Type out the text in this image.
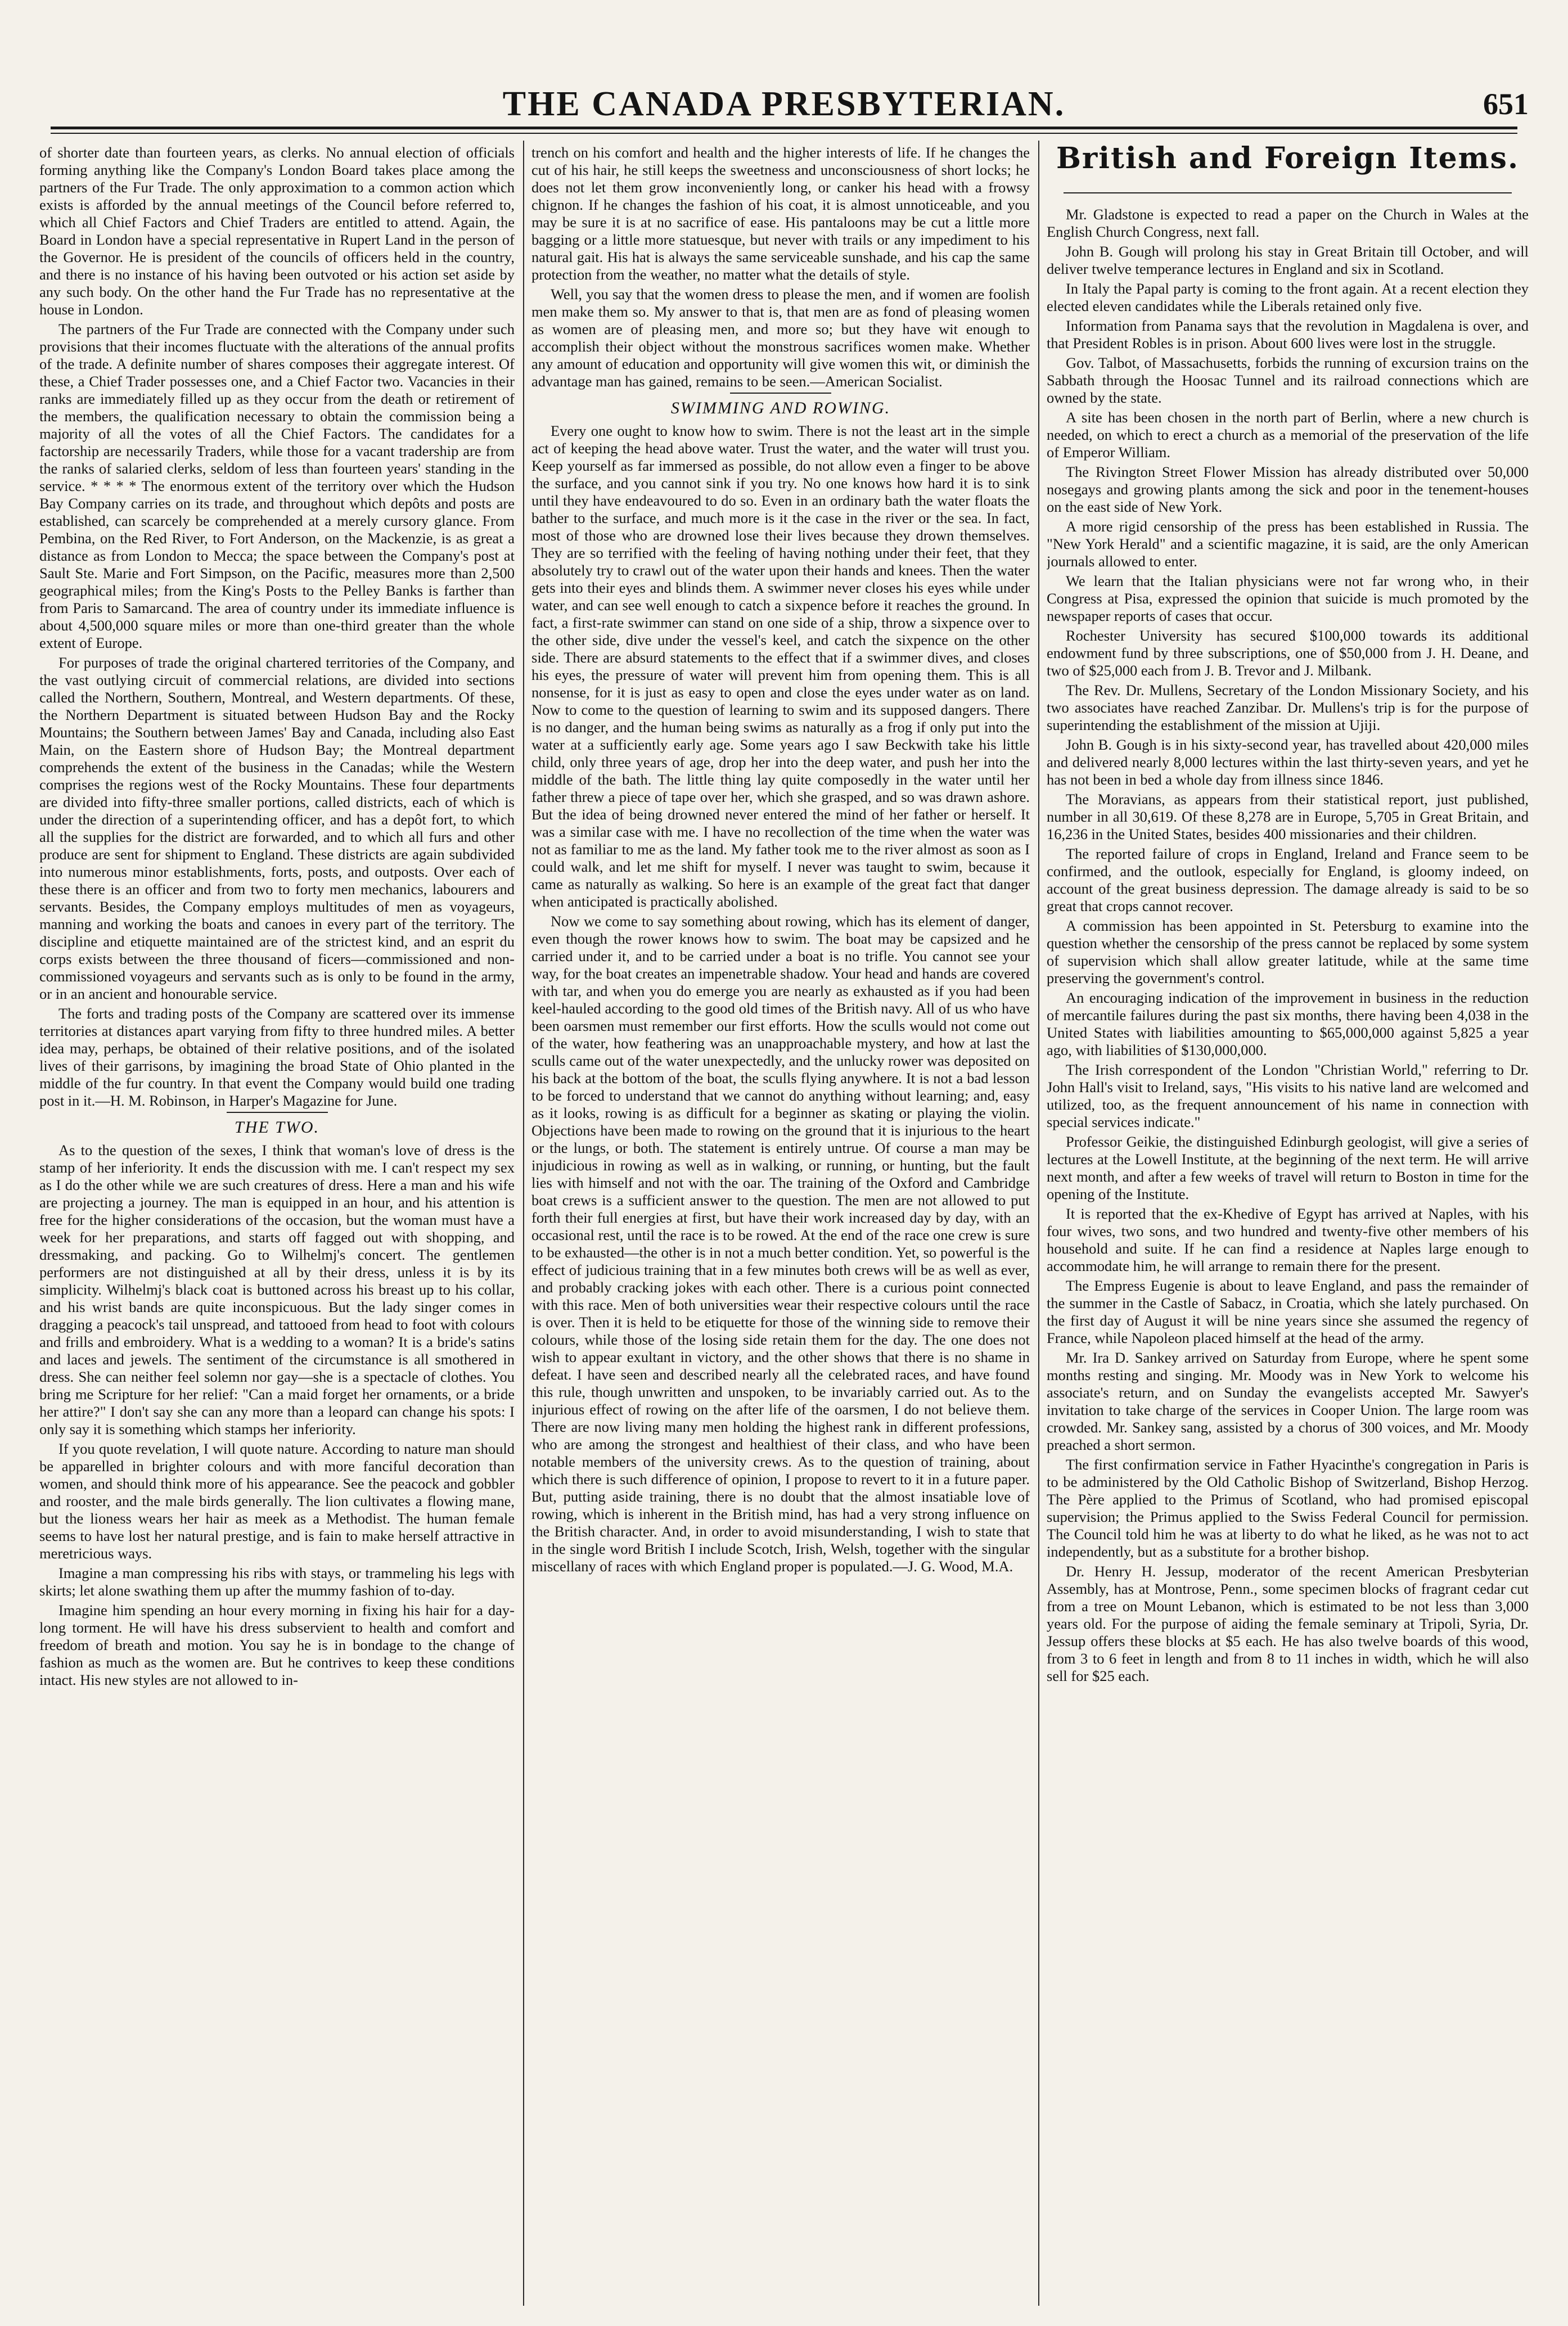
THE CANADA PRESBYTERIAN.	651

of shorter date than fourteen years, as clerks. No annual election of officials forming anything like the Company's London Board takes place among the partners of the Fur Trade. The only approximation to a common action which exists is afforded by the annual meetings of the Council before referred to, which all Chief Factors and Chief Traders are entitled to attend. Again, the Board in London have a special representative in Rupert Land in the person of the Governor. He is president of the councils of officers held in the country, and there is no instance of his having been outvoted or his action set aside by any such body. On the other hand the Fur Trade has no representative at the house in London.

The partners of the Fur Trade are connected with the Company under such provisions that their incomes fluctuate with the alterations of the annual profits of the trade. A definite number of shares composes their aggregate interest. Of these, a Chief Trader possesses one, and a Chief Factor two. Vacancies in their ranks are immediately filled up as they occur from the death or retirement of the members, the qualification necessary to obtain the commission being a majority of all the votes of all the Chief Factors. The candidates for a factorship are necessarily Traders, while those for a vacant tradership are from the ranks of salaried clerks, seldom of less than fourteen years' standing in the service. * * * * The enormous extent of the territory over which the Hudson Bay Company carries on its trade, and throughout which depôts and posts are established, can scarcely be comprehended at a merely cursory glance. From Pembina, on the Red River, to Fort Anderson, on the Mackenzie, is as great a distance as from London to Mecca; the space between the Company's post at Sault Ste. Marie and Fort Simpson, on the Pacific, measures more than 2,500 geographical miles; from the King's Posts to the Pelley Banks is farther than from Paris to Samarcand. The area of country under its immediate influence is about 4,500,000 square miles or more than one-third greater than the whole extent of Europe.

For purposes of trade the original chartered territories of the Company, and the vast outlying circuit of commercial relations, are divided into sections called the Northern, Southern, Montreal, and Western departments. Of these, the Northern Department is situated between Hudson Bay and the Rocky Mountains; the Southern between James' Bay and Canada, including also East Main, on the Eastern shore of Hudson Bay; the Montreal department comprehends the extent of the business in the Canadas; while the Western comprises the regions west of the Rocky Mountains. These four departments are divided into fifty-three smaller portions, called districts, each of which is under the direction of a superintending officer, and has a depôt fort, to which all the supplies for the district are forwarded, and to which all furs and other produce are sent for shipment to England. These districts are again subdivided into numerous minor establishments, forts, posts, and outposts. Over each of these there is an officer and from two to forty men mechanics, labourers and servants. Besides, the Company employs multitudes of men as voyageurs, manning and working the boats and canoes in every part of the territory. The discipline and etiquette maintained are of the strictest kind, and an esprit du corps exists between the three thousand of ficers—commissioned and non-commissioned voyageurs and servants such as is only to be found in the army, or in an ancient and honourable service.

The forts and trading posts of the Company are scattered over its immense territories at distances apart varying from fifty to three hundred miles. A better idea may, perhaps, be obtained of their relative positions, and of the isolated lives of their garrisons, by imagining the broad State of Ohio planted in the middle of the fur country. In that event the Company would build one trading post in it.—H. M. Robinson, in Harper's Magazine for June.

THE TWO.

As to the question of the sexes, I think that woman's love of dress is the stamp of her inferiority. It ends the discussion with me. I can't respect my sex as I do the other while we are such creatures of dress. Here a man and his wife are projecting a journey. The man is equipped in an hour, and his attention is free for the higher considerations of the occasion, but the woman must have a week for her preparations, and starts off fagged out with shopping, and dressmaking, and packing. Go to Wilhelmj's concert. The gentlemen performers are not distinguished at all by their dress, unless it is by its simplicity. Wilhelmj's black coat is buttoned across his breast up to his collar, and his wrist bands are quite inconspicuous. But the lady singer comes in dragging a peacock's tail unspread, and tattooed from head to foot with colours and frills and embroidery. What is a wedding to a woman? It is a bride's satins and laces and jewels. The sentiment of the circumstance is all smothered in dress. She can neither feel solemn nor gay—she is a spectacle of clothes. You bring me Scripture for her relief: "Can a maid forget her ornaments, or a bride her attire?" I don't say she can any more than a leopard can change his spots: I only say it is something which stamps her inferiority.

If you quote revelation, I will quote nature. According to nature man should be apparelled in brighter colours and with more fanciful decoration than women, and should think more of his appearance. See the peacock and gobbler and rooster, and the male birds generally. The lion cultivates a flowing mane, but the lioness wears her hair as meek as a Methodist. The human female seems to have lost her natural prestige, and is fain to make herself attractive in meretricious ways.

Imagine a man compressing his ribs with stays, or trammeling his legs with skirts; let alone swathing them up after the mummy fashion of to-day.

Imagine him spending an hour every morning in fixing his hair for a day-long torment. He will have his dress subservient to health and comfort and freedom of breath and motion. You say he is in bondage to the change of fashion as much as the women are. But he contrives to keep these conditions intact. His new styles are not allowed to in-

trench on his comfort and health and the higher interests of life. If he changes the cut of his hair, he still keeps the sweetness and unconsciousness of short locks; he does not let them grow inconveniently long, or canker his head with a frowsy chignon. If he changes the fashion of his coat, it is almost unnoticeable, and you may be sure it is at no sacrifice of ease. His pantaloons may be cut a little more bagging or a little more statuesque, but never with trails or any impediment to his natural gait. His hat is always the same serviceable sunshade, and his cap the same protection from the weather, no matter what the details of style.

Well, you say that the women dress to please the men, and if women are foolish men make them so. My answer to that is, that men are as fond of pleasing women as women are of pleasing men, and more so; but they have wit enough to accomplish their object without the monstrous sacrifices women make. Whether any amount of education and opportunity will give women this wit, or diminish the advantage man has gained, remains to be seen.—American Socialist.

SWIMMING AND ROWING.

Every one ought to know how to swim. There is not the least art in the simple act of keeping the head above water. Trust the water, and the water will trust you. Keep yourself as far immersed as possible, do not allow even a finger to be above the surface, and you cannot sink if you try. No one knows how hard it is to sink until they have endeavoured to do so. Even in an ordinary bath the water floats the bather to the surface, and much more is it the case in the river or the sea. In fact, most of those who are drowned lose their lives because they drown themselves. They are so terrified with the feeling of having nothing under their feet, that they absolutely try to crawl out of the water upon their hands and knees. Then the water gets into their eyes and blinds them. A swimmer never closes his eyes while under water, and can see well enough to catch a sixpence before it reaches the ground. In fact, a first-rate swimmer can stand on one side of a ship, throw a sixpence over to the other side, dive under the vessel's keel, and catch the sixpence on the other side. There are absurd statements to the effect that if a swimmer dives, and closes his eyes, the pressure of water will prevent him from opening them. This is all nonsense, for it is just as easy to open and close the eyes under water as on land. Now to come to the question of learning to swim and its supposed dangers. There is no danger, and the human being swims as naturally as a frog if only put into the water at a sufficiently early age. Some years ago I saw Beckwith take his little child, only three years of age, drop her into the deep water, and push her into the middle of the bath. The little thing lay quite composedly in the water until her father threw a piece of tape over her, which she grasped, and so was drawn ashore. But the idea of being drowned never entered the mind of her father or herself. It was a similar case with me. I have no recollection of the time when the water was not as familiar to me as the land. My father took me to the river almost as soon as I could walk, and let me shift for myself. I never was taught to swim, because it came as naturally as walking. So here is an example of the great fact that danger when anticipated is practically abolished.

Now we come to say something about rowing, which has its element of danger, even though the rower knows how to swim. The boat may be capsized and he carried under it, and to be carried under a boat is no trifle. You cannot see your way, for the boat creates an impenetrable shadow. Your head and hands are covered with tar, and when you do emerge you are nearly as exhausted as if you had been keel-hauled according to the good old times of the British navy. All of us who have been oarsmen must remember our first efforts. How the sculls would not come out of the water, how feathering was an unapproachable mystery, and how at last the sculls came out of the water unexpectedly, and the unlucky rower was deposited on his back at the bottom of the boat, the sculls flying anywhere. It is not a bad lesson to be forced to understand that we cannot do anything without learning; and, easy as it looks, rowing is as difficult for a beginner as skating or playing the violin. Objections have been made to rowing on the ground that it is injurious to the heart or the lungs, or both. The statement is entirely untrue. Of course a man may be injudicious in rowing as well as in walking, or running, or hunting, but the fault lies with himself and not with the oar. The training of the Oxford and Cambridge boat crews is a sufficient answer to the question. The men are not allowed to put forth their full energies at first, but have their work increased day by day, with an occasional rest, until the race is to be rowed. At the end of the race one crew is sure to be exhausted—the other is in not a much better condition. Yet, so powerful is the effect of judicious training that in a few minutes both crews will be as well as ever, and probably cracking jokes with each other. There is a curious point connected with this race. Men of both universities wear their respective colours until the race is over. Then it is held to be etiquette for those of the winning side to remove their colours, while those of the losing side retain them for the day. The one does not wish to appear exultant in victory, and the other shows that there is no shame in defeat. I have seen and described nearly all the celebrated races, and have found this rule, though unwritten and unspoken, to be invariably carried out. As to the injurious effect of rowing on the after life of the oarsmen, I do not believe them. There are now living many men holding the highest rank in different professions, who are among the strongest and healthiest of their class, and who have been notable members of the university crews. As to the question of training, about which there is such difference of opinion, I propose to revert to it in a future paper. But, putting aside training, there is no doubt that the almost insatiable love of rowing, which is inherent in the British mind, has had a very strong influence on the British character. And, in order to avoid misunderstanding, I wish to state that in the single word British I include Scotch, Irish, Welsh, together with the singular miscellany of races with which England proper is populated.—J. G. Wood, M.A.

British and Foreign Items.

Mr. Gladstone is expected to read a paper on the Church in Wales at the English Church Congress, next fall.

John B. Gough will prolong his stay in Great Britain till October, and will deliver twelve temperance lectures in England and six in Scotland.

In Italy the Papal party is coming to the front again. At a recent election they elected eleven candidates while the Liberals retained only five.

Information from Panama says that the revolution in Magdalena is over, and that President Robles is in prison. About 600 lives were lost in the struggle.

Gov. Talbot, of Massachusetts, forbids the running of excursion trains on the Sabbath through the Hoosac Tunnel and its railroad connections which are owned by the state.

A site has been chosen in the north part of Berlin, where a new church is needed, on which to erect a church as a memorial of the preservation of the life of Emperor William.

The Rivington Street Flower Mission has already distributed over 50,000 nosegays and growing plants among the sick and poor in the tenement-houses on the east side of New York.

A more rigid censorship of the press has been established in Russia. The "New York Herald" and a scientific magazine, it is said, are the only American journals allowed to enter.

We learn that the Italian physicians were not far wrong who, in their Congress at Pisa, expressed the opinion that suicide is much promoted by the newspaper reports of cases that occur.

Rochester University has secured $100,000 towards its additional endowment fund by three subscriptions, one of $50,000 from J. H. Deane, and two of $25,000 each from J. B. Trevor and J. Milbank.

The Rev. Dr. Mullens, Secretary of the London Missionary Society, and his two associates have reached Zanzibar. Dr. Mullens's trip is for the purpose of superintending the establishment of the mission at Ujiji.

John B. Gough is in his sixty-second year, has travelled about 420,000 miles and delivered nearly 8,000 lectures within the last thirty-seven years, and yet he has not been in bed a whole day from illness since 1846.

The Moravians, as appears from their statistical report, just published, number in all 30,619. Of these 8,278 are in Europe, 5,705 in Great Britain, and 16,236 in the United States, besides 400 missionaries and their children.

The reported failure of crops in England, Ireland and France seem to be confirmed, and the outlook, especially for England, is gloomy indeed, on account of the great business depression. The damage already is said to be so great that crops cannot recover.

A commission has been appointed in St. Petersburg to examine into the question whether the censorship of the press cannot be replaced by some system of supervision which shall allow greater latitude, while at the same time preserving the government's control.

An encouraging indication of the improvement in business in the reduction of mercantile failures during the past six months, there having been 4,038 in the United States with liabilities amounting to $65,000,000 against 5,825 a year ago, with liabilities of $130,000,000.

The Irish correspondent of the London "Christian World," referring to Dr. John Hall's visit to Ireland, says, "His visits to his native land are welcomed and utilized, too, as the frequent announcement of his name in connection with special services indicate."

Professor Geikie, the distinguished Edinburgh geologist, will give a series of lectures at the Lowell Institute, at the beginning of the next term. He will arrive next month, and after a few weeks of travel will return to Boston in time for the opening of the Institute.

It is reported that the ex-Khedive of Egypt has arrived at Naples, with his four wives, two sons, and two hundred and twenty-five other members of his household and suite. If he can find a residence at Naples large enough to accommodate him, he will arrange to remain there for the present.

The Empress Eugenie is about to leave England, and pass the remainder of the summer in the Castle of Sabacz, in Croatia, which she lately purchased. On the first day of August it will be nine years since she assumed the regency of France, while Napoleon placed himself at the head of the army.

Mr. Ira D. Sankey arrived on Saturday from Europe, where he spent some months resting and singing. Mr. Moody was in New York to welcome his associate's return, and on Sunday the evangelists accepted Mr. Sawyer's invitation to take charge of the services in Cooper Union. The large room was crowded. Mr. Sankey sang, assisted by a chorus of 300 voices, and Mr. Moody preached a short sermon.

The first confirmation service in Father Hyacinthe's congregation in Paris is to be administered by the Old Catholic Bishop of Switzerland, Bishop Herzog. The Père applied to the Primus of Scotland, who had promised episcopal supervision; the Primus applied to the Swiss Federal Council for permission. The Council told him he was at liberty to do what he liked, as he was not to act independently, but as a substitute for a brother bishop.

Dr. Henry H. Jessup, moderator of the recent American Presbyterian Assembly, has at Montrose, Penn., some specimen blocks of fragrant cedar cut from a tree on Mount Lebanon, which is estimated to be not less than 3,000 years old. For the purpose of aiding the female seminary at Tripoli, Syria, Dr. Jessup offers these blocks at $5 each. He has also twelve boards of this wood, from 3 to 6 feet in length and from 8 to 11 inches in width, which he will also sell for $25 each.
